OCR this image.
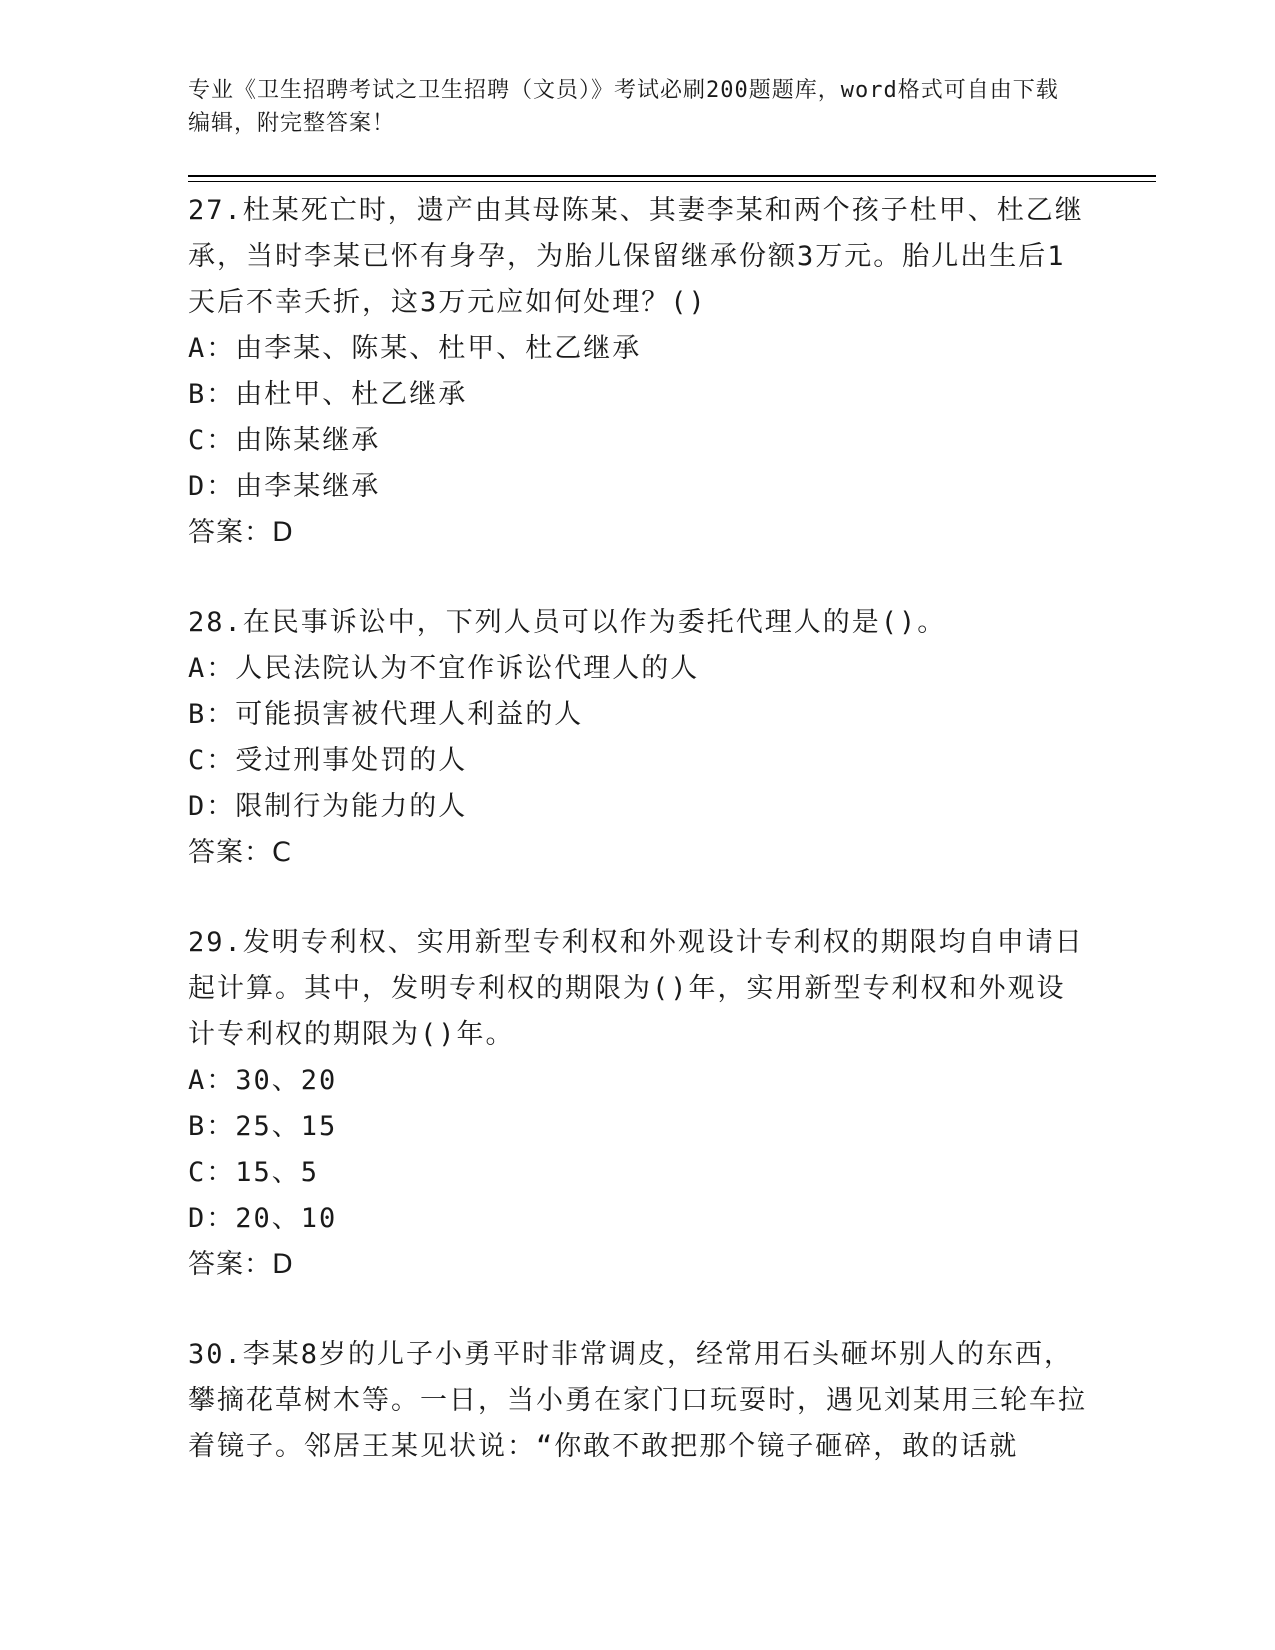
专业《卫生招聘考试之卫生招聘（文员）》考试必刷200题题库，word格式可自由下载编辑，附完整答案！
27.杜某死亡时，遗产由其母陈某、其妻李某和两个孩子杜甲、杜乙继承，当时李某已怀有身孕，为胎儿保留继承份额3万元。胎儿出生后1天后不幸夭折，这3万元应如何处理？()
A：由李某、陈某、杜甲、杜乙继承
B：由杜甲、杜乙继承
C：由陈某继承
D：由李某继承
答案：D
28.在民事诉讼中，下列人员可以作为委托代理人的是()。
A：人民法院认为不宜作诉讼代理人的人
B：可能损害被代理人利益的人
C：受过刑事处罚的人
D：限制行为能力的人
答案：C
29.发明专利权、实用新型专利权和外观设计专利权的期限均自申请日起计算。其中，发明专利权的期限为()年，实用新型专利权和外观设计专利权的期限为()年。
A：30、20
B：25、15
C：15、5
D：20、10
答案：D
30.李某8岁的儿子小勇平时非常调皮，经常用石头砸坏别人的东西，攀摘花草树木等。一日，当小勇在家门口玩耍时，遇见刘某用三轮车拉着镜子。邻居王某见状说：“你敢不敢把那个镜子砸碎，敢的话就
